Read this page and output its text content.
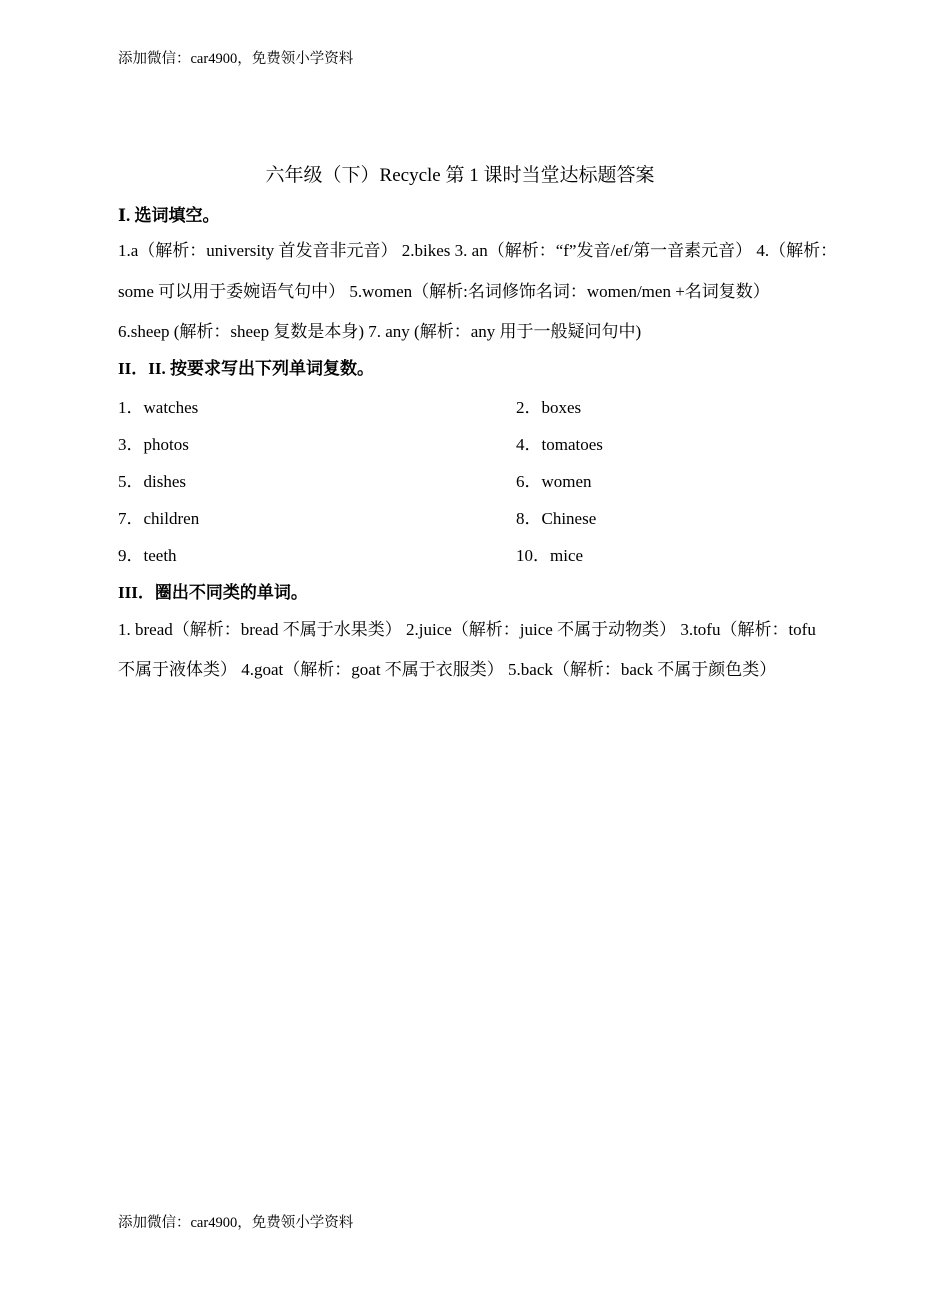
添加微信：car4900，免费领小学资料
六年级（下）Recycle 第 1 课时当堂达标题答案
Ⅰ. 选词填空。
1.a（解析：university 首发音非元音） 2.bikes 3. an（解析：“f”发音/ef/第一音素元音） 4.（解析：
some 可以用于委婉语气句中） 5.women（解析:名词修饰名词：women/men +名词复数）
6.sheep (解析：sheep 复数是本身) 7. any (解析：any 用于一般疑问句中)
II．II. 按要求写出下列单词复数。
1．watches	2．boxes
3．photos	4．tomatoes
5．dishes	6．women
7．children	8．Chinese
9．teeth	10．mice
III．圈出不同类的单词。
1. bread（解析：bread 不属于水果类） 2.juice（解析：juice 不属于动物类） 3.tofu（解析：tofu
不属于液体类） 4.goat（解析：goat 不属于衣服类） 5.back（解析：back 不属于颜色类）
添加微信：car4900，免费领小学资料
